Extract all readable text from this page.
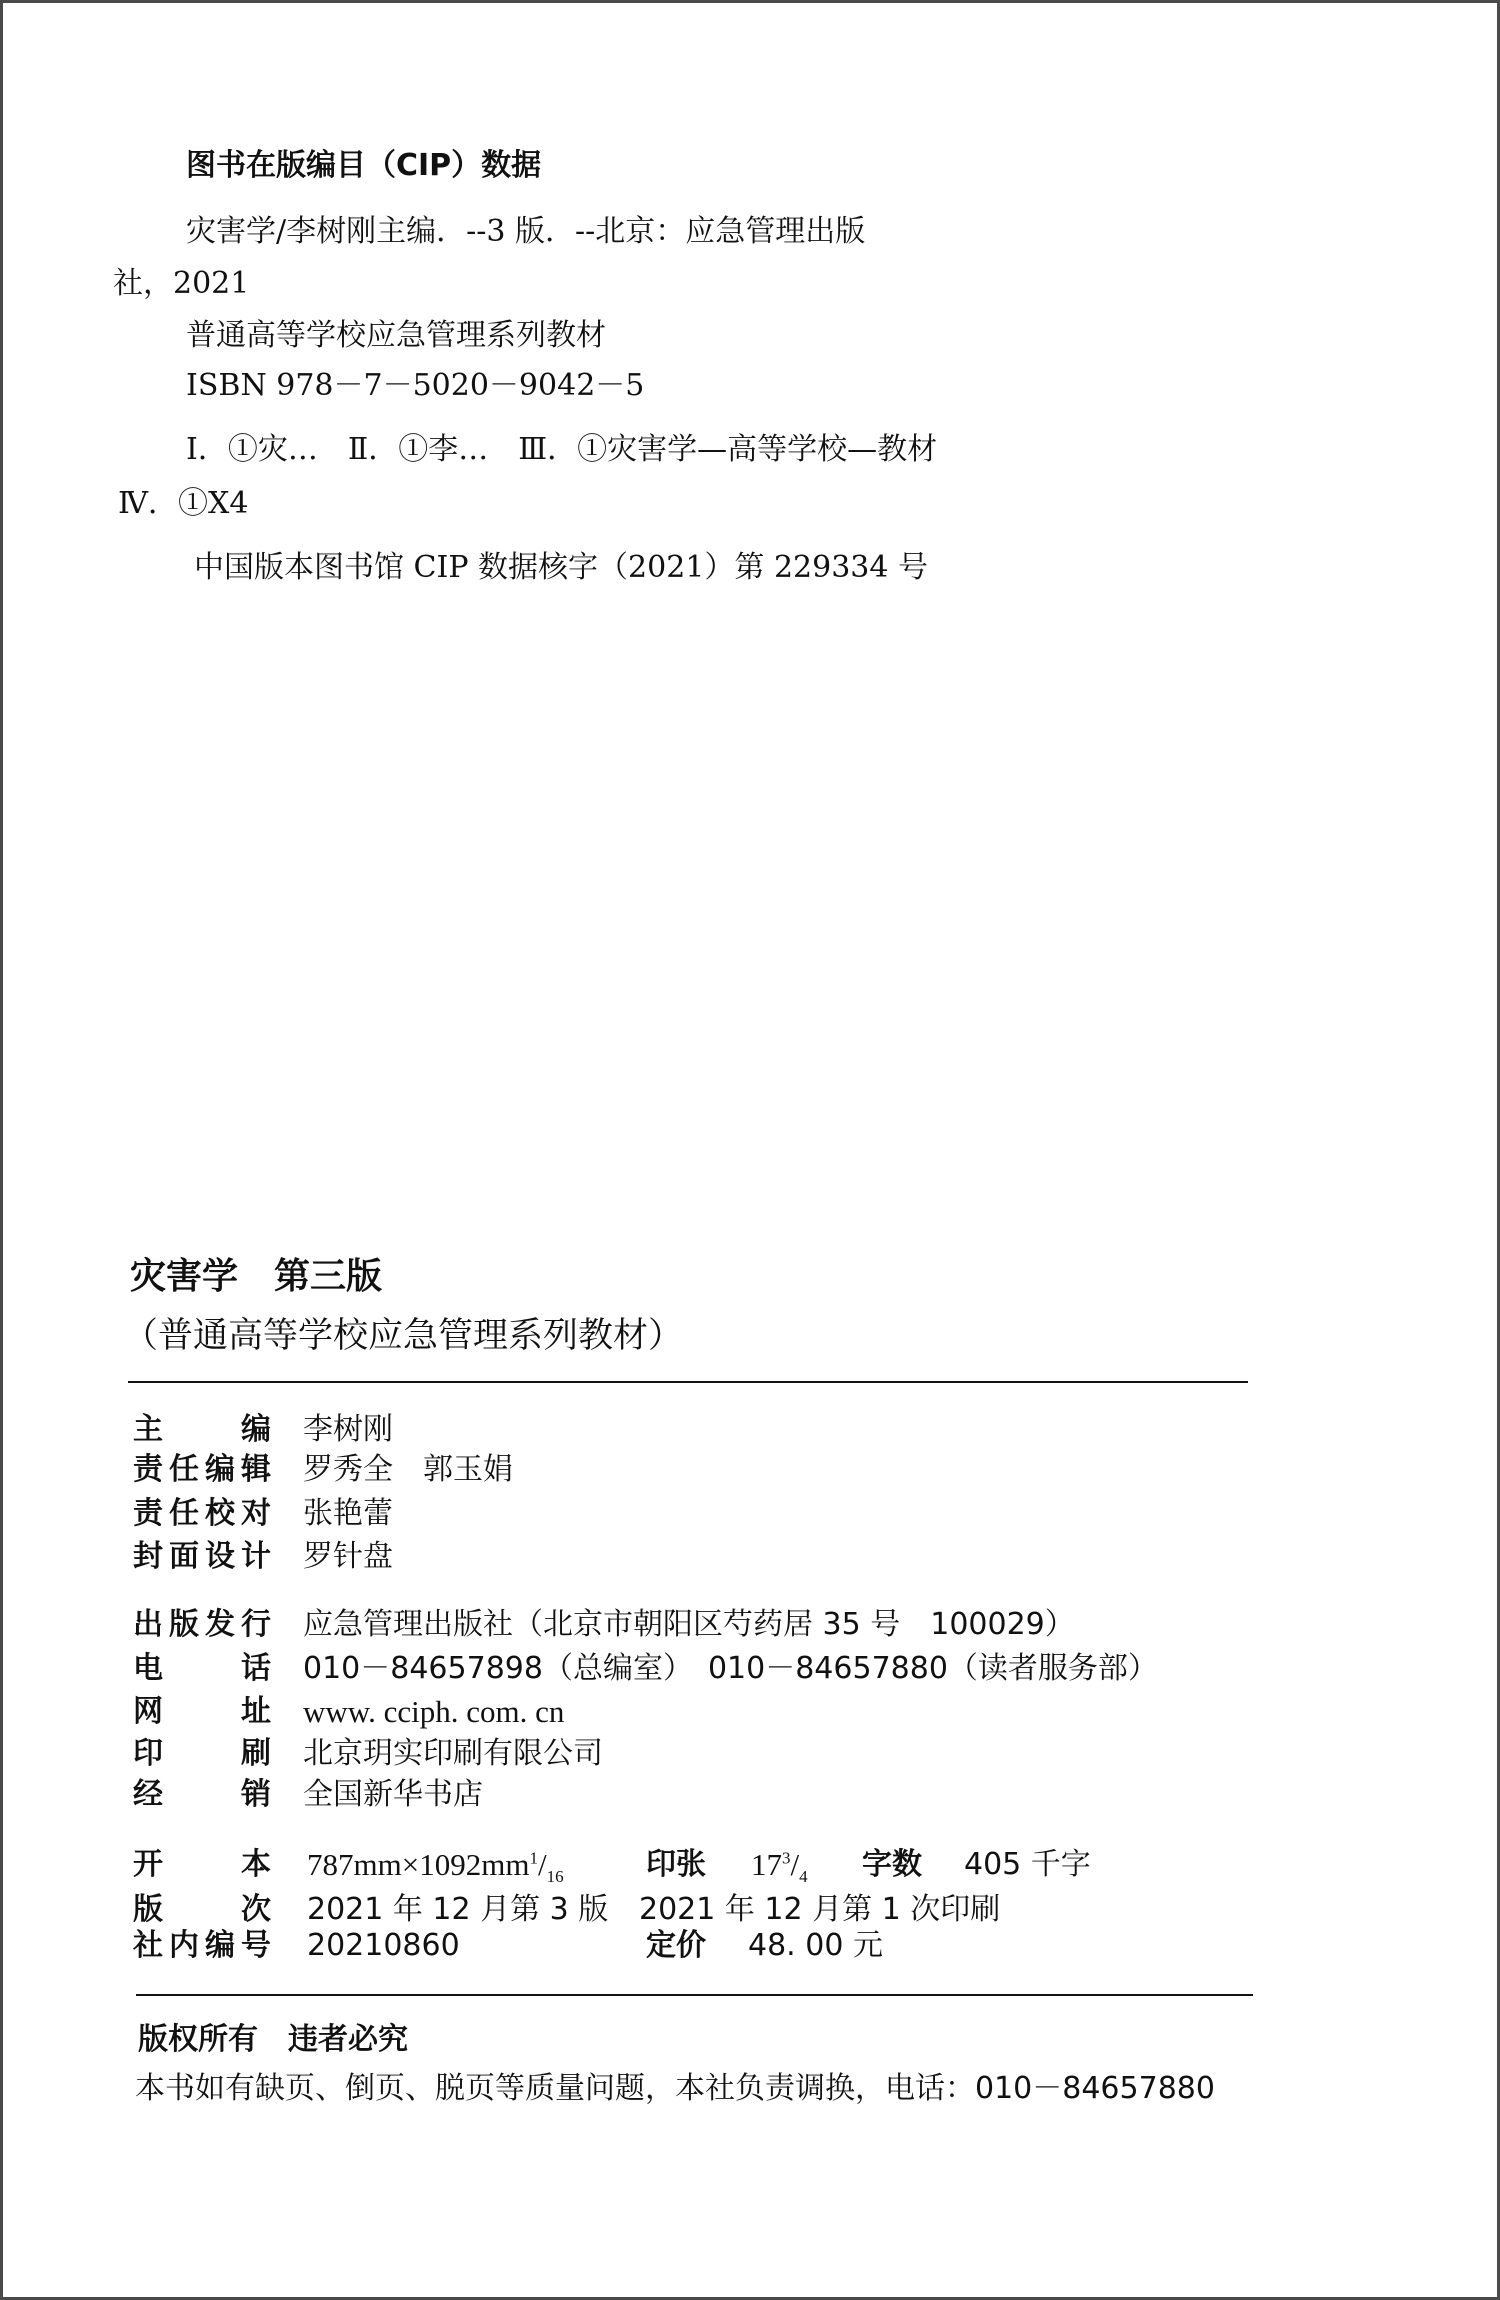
图书在版编目（CIP）数据
灾害学/李树刚主编．--3 版．--北京：应急管理出版
社，2021
普通高等学校应急管理系列教材
ISBN 978－7－5020－9042－5
Ⅰ．①灾…　Ⅱ．①李…　Ⅲ．①灾害学—高等学校—教材
Ⅳ．①X4
中国版本图书馆 CIP 数据核字（2021）第 229334 号
灾害学　第三版
（普通高等学校应急管理系列教材）
主	编 李树刚
责 任 编 辑 罗秀全　郭玉娟
责 任 校 对 张艳蕾
封 面 设 计 罗针盘
出 版 发 行 应急管理出版社（北京市朝阳区芍药居 35 号　100029）
电	话 010－84657898（总编室）　010－84657880（读者服务部）
网	址 www. cciph. com. cn
印	刷 北京玥实印刷有限公司
经	销 全国新华书店
开	本 $787mm\times 1092mm^1/_{16}$	印张 $17^3/_4$ 字数 405 千字
版	次 2021 年 12 月第 3 版 2021 年 12 月第 1 次印刷
社 内 编 号 20210860	定价 48. 00 元
版权所有　违者必究
本书如有缺页、倒页、脱页等质量问题，本社负责调换，电话：010－84657880
